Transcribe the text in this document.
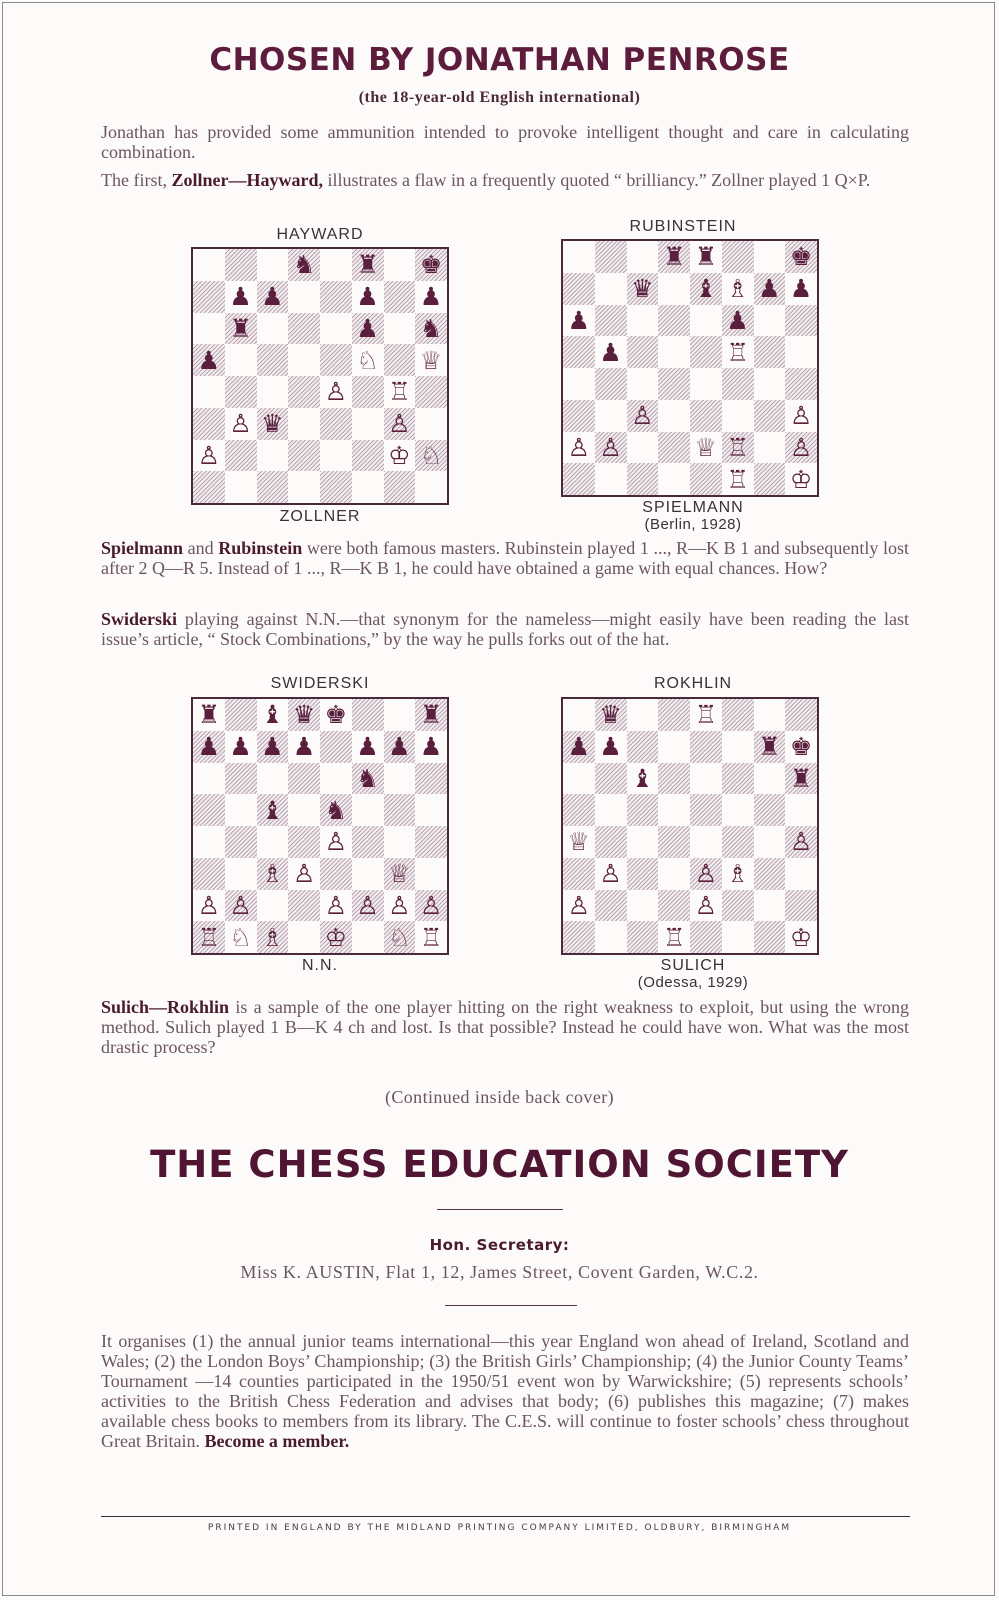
CHOSEN BY JONATHAN PENROSE
(the 18-year-old English international)
Jonathan has provided some ammunition intended to provoke intelligent thought and care in calculating combination.
The first, Zollner—Hayward, illustrates a flaw in a frequently quoted “ brilliancy.” Zollner played 1 Q×P.
HAYWARD
♞ ♜ ♚
♟ ♟	♟ ♟
♜	♟ ♞
♟	♘ ♕
♙ ♖
♙ ♛	♙
♙	♔ ♘
ZOLLNER
RUBINSTEIN
♜ ♜	♚
♛ ♝ ♗ ♟ ♟
♟	♟
♟	♖
♙	♙
♙ ♙	♕ ♖ ♙
♖ ♔
SPIELMANN
(Berlin, 1928)
Spielmann and Rubinstein were both famous masters. Rubinstein played 1 ..., R—K B 1 and subsequently lost after 2 Q—R 5. Instead of 1 ..., R—K B 1, he could have obtained a game with equal chances. How?
Swiderski playing against N.N.—that synonym for the nameless—might easily have been reading the last issue’s article, “ Stock Combinations,” by the way he pulls forks out of the hat.
SWIDERSKI
♜ ♝ ♛ ♚	♜
♟ ♟ ♟ ♟ ♟ ♟ ♟
♞
♝ ♞
♙
♗ ♙	♕
♙ ♙	♙ ♙ ♙ ♙
♖ ♘ ♗ ♔ ♘ ♖
N.N.
ROKHLIN
♛	♖
♟ ♟	♜ ♚
♝	♜
♕	♙
♙	♙ ♗
♙	♙
♖	♔
SULICH
(Odessa, 1929)
Sulich—Rokhlin is a sample of the one player hitting on the right weakness to exploit, but using the wrong method. Sulich played 1 B—K 4 ch and lost. Is that possible? Instead he could have won. What was the most drastic process?
(Continued inside back cover)
THE CHESS EDUCATION SOCIETY
Hon. Secretary:
Miss K. AUSTIN, Flat 1, 12, James Street, Covent Garden, W.C.2.
It organises (1) the annual junior teams international—this year England won ahead of Ireland, Scotland and Wales; (2) the London Boys’ Championship; (3) the British Girls’ Championship; (4) the Junior County Teams’ Tournament —14 counties participated in the 1950/51 event won by Warwickshire; (5) represents schools’ activities to the British Chess Federation and advises that body; (6) publishes this magazine; (7) makes available chess books to members from its library. The C.E.S. will continue to foster schools’ chess throughout Great Britain. Become a member.
PRINTED IN ENGLAND BY THE MIDLAND PRINTING COMPANY LIMITED, OLDBURY, BIRMINGHAM
